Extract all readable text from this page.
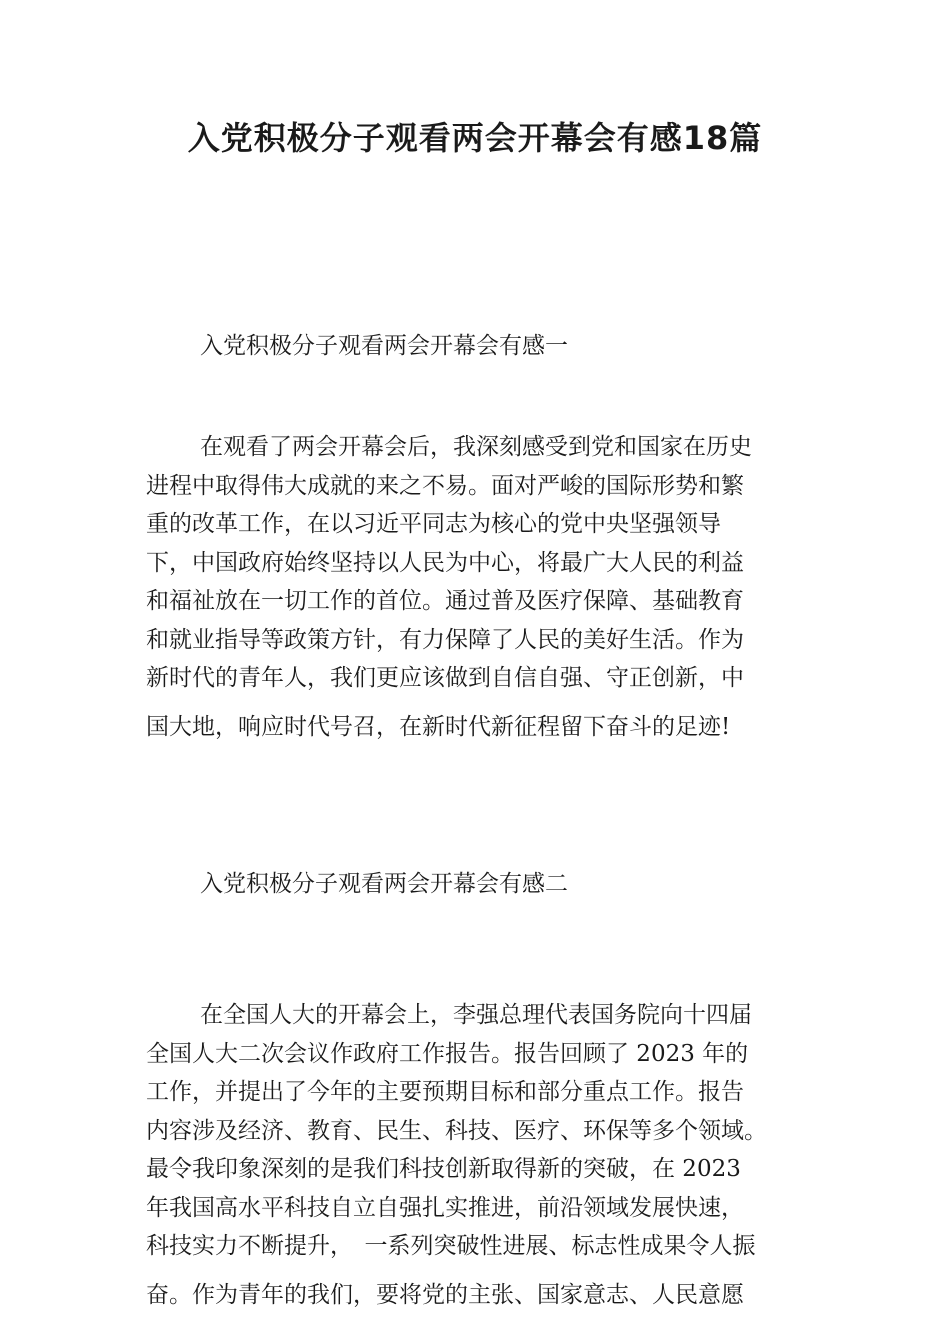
入党积极分子观看两会开幕会有感18篇
入党积极分子观看两会开幕会有感一
在观看了两会开幕会后，我深刻感受到党和国家在历史
进程中取得伟大成就的来之不易。面对严峻的国际形势和繁
重的改革工作，在以习近平同志为核心的党中央坚强领导
下，中国政府始终坚持以人民为中心，将最广大人民的利益
和福祉放在一切工作的首位。通过普及医疗保障、基础教育
和就业指导等政策方针，有力保障了人民的美好生活。作为
新时代的青年人，我们更应该做到自信自强、守正创新，中
国大地，响应时代号召，在新时代新征程留下奋斗的足迹!
入党积极分子观看两会开幕会有感二
在全国人大的开幕会上，李强总理代表国务院向十四届
全国人大二次会议作政府工作报告。报告回顾了 2023 年的
工作，并提出了今年的主要预期目标和部分重点工作。报告
内容涉及经济、教育、民生、科技、医疗、环保等多个领域。
最令我印象深刻的是我们科技创新取得新的突破，在 2023
年我国高水平科技自立自强扎实推进，前沿领域发展快速，
科技实力不断提升，　一系列突破性进展、标志性成果令人振
奋。作为青年的我们，要将党的主张、国家意志、人民意愿
